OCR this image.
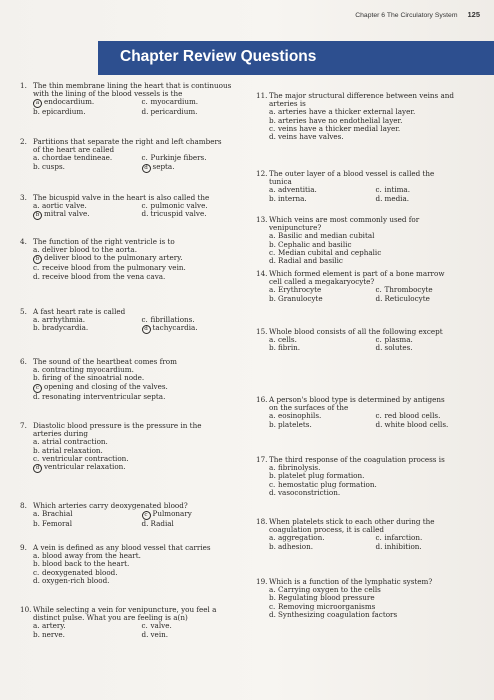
Chapter 6 The Circulatory System 125
Chapter Review Questions
1. The thin membrane lining the heart that is continuous
with the lining of the blood vessels is the
a endocardium.	c. myocardium.
b. epicardium.	d. pericardium.
2. Partitions that separate the right and left chambers
of the heart are called
a. chordae tendineae.	c. Purkinje fibers.
b. cusps.	d septa.
3. The bicuspid valve in the heart is also called the
a. aortic valve.	c. pulmonic valve.
b mitral valve.	d. tricuspid valve.
4. The function of the right ventricle is to
a. deliver blood to the aorta.
b deliver blood to the pulmonary artery.
c. receive blood from the pulmonary vein.
d. receive blood from the vena cava.
5. A fast heart rate is called
a. arrhythmia.	c. fibrillations.
b. bradycardia.	d tachycardia.
6. The sound of the heartbeat comes from
a. contracting myocardium.
b. firing of the sinoatrial node.
c opening and closing of the valves.
d. resonating interventricular septa.
7. Diastolic blood pressure is the pressure in the
arteries during
a. atrial contraction.
b. atrial relaxation.
c. ventricular contraction.
d ventricular relaxation.
8. Which arteries carry deoxygenated blood?
a. Brachial	c Pulmonary
b. Femoral	d. Radial
9. A vein is defined as any blood vessel that carries
a. blood away from the heart.
b. blood back to the heart.
c. deoxygenated blood.
d. oxygen-rich blood.
10. While selecting a vein for venipuncture, you feel a
distinct pulse. What you are feeling is a(n)
a. artery.	c. valve.
b. nerve.	d. vein.
11. The major structural difference between veins and
arteries is
a. arteries have a thicker external layer.
b. arteries have no endothelial layer.
c. veins have a thicker medial layer.
d. veins have valves.
12. The outer layer of a blood vessel is called the
tunica
a. adventitia.	c. intima.
b. interna.	d. media.
13. Which veins are most commonly used for
venipuncture?
a. Basilic and median cubital
b. Cephalic and basilic
c. Median cubital and cephalic
d. Radial and basilic
14. Which formed element is part of a bone marrow
cell called a megakaryocyte?
a. Erythrocyte	c. Thrombocyte
b. Granulocyte	d. Reticulocyte
15. Whole blood consists of all the following except
a. cells.	c. plasma.
b. fibrin.	d. solutes.
16. A person's blood type is determined by antigens
on the surfaces of the
a. eosinophils.	c. red blood cells.
b. platelets.	d. white blood cells.
17. The third response of the coagulation process is
a. fibrinolysis.
b. platelet plug formation.
c. hemostatic plug formation.
d. vasoconstriction.
18. When platelets stick to each other during the
coagulation process, it is called
a. aggregation.	c. infarction.
b. adhesion.	d. inhibition.
19. Which is a function of the lymphatic system?
a. Carrying oxygen to the cells
b. Regulating blood pressure
c. Removing microorganisms
d. Synthesizing coagulation factors
